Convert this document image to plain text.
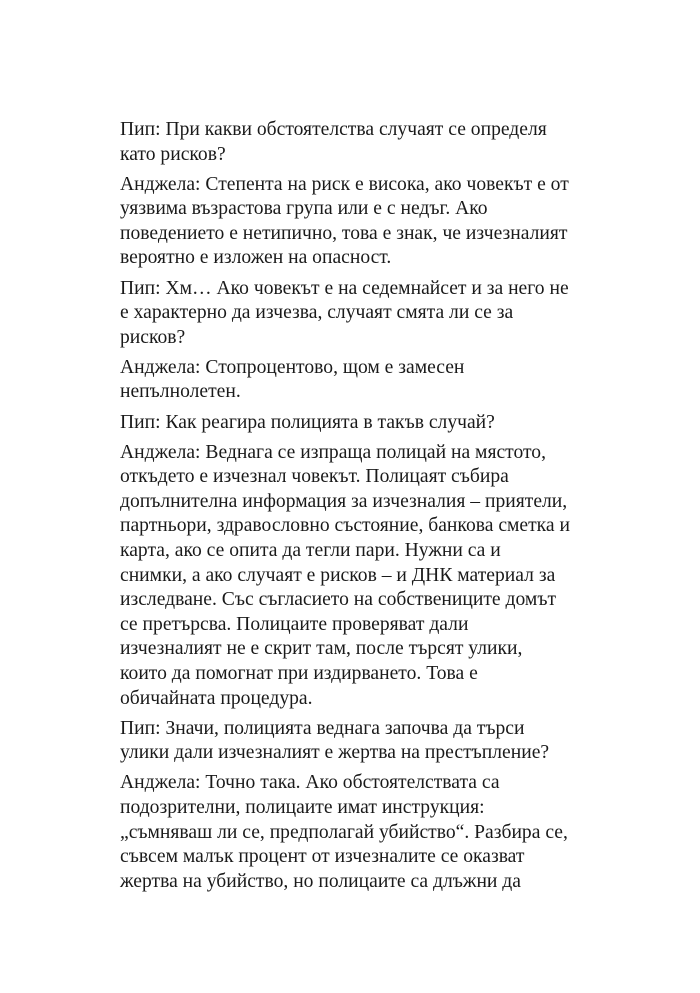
Пип: При какви обстоятелства случаят се определя
като рисков?

Анджела: Степента на риск е висока, ако човекът е от
уязвима възрастова група или е с недъг. Ако
поведението е нетипично, това е знак, че изчезналият
вероятно е изложен на опасност.

Пип: Хм… Ако човекът е на седемнайсет и за него не
е характерно да изчезва, случаят смята ли се за
рисков?

Анджела: Стопроцентово, щом е замесен
непълнолетен.

Пип: Как реагира полицията в такъв случай?

Анджела: Веднага се изпраща полицай на мястото,
откъдето е изчезнал човекът. Полицаят събира
допълнителна информация за изчезналия – приятели,
партньори, здравословно състояние, банкова сметка и
карта, ако се опита да тегли пари. Нужни са и
снимки, а ако случаят е рисков – и ДНК материал за
изследване. Със съгласието на собствениците домът
се претърсва. Полицаите проверяват дали
изчезналият не е скрит там, после търсят улики,
които да помогнат при издирването. Това е
обичайната процедура.

Пип: Значи, полицията веднага започва да търси
улики дали изчезналият е жертва на престъпление?

Анджела: Точно така. Ако обстоятелствата са
подозрителни, полицаите имат инструкция:
„съмняваш ли се, предполагай убийство“. Разбира се,
съвсем малък процент от изчезналите се оказват
жертва на убийство, но полицаите са длъжни да
